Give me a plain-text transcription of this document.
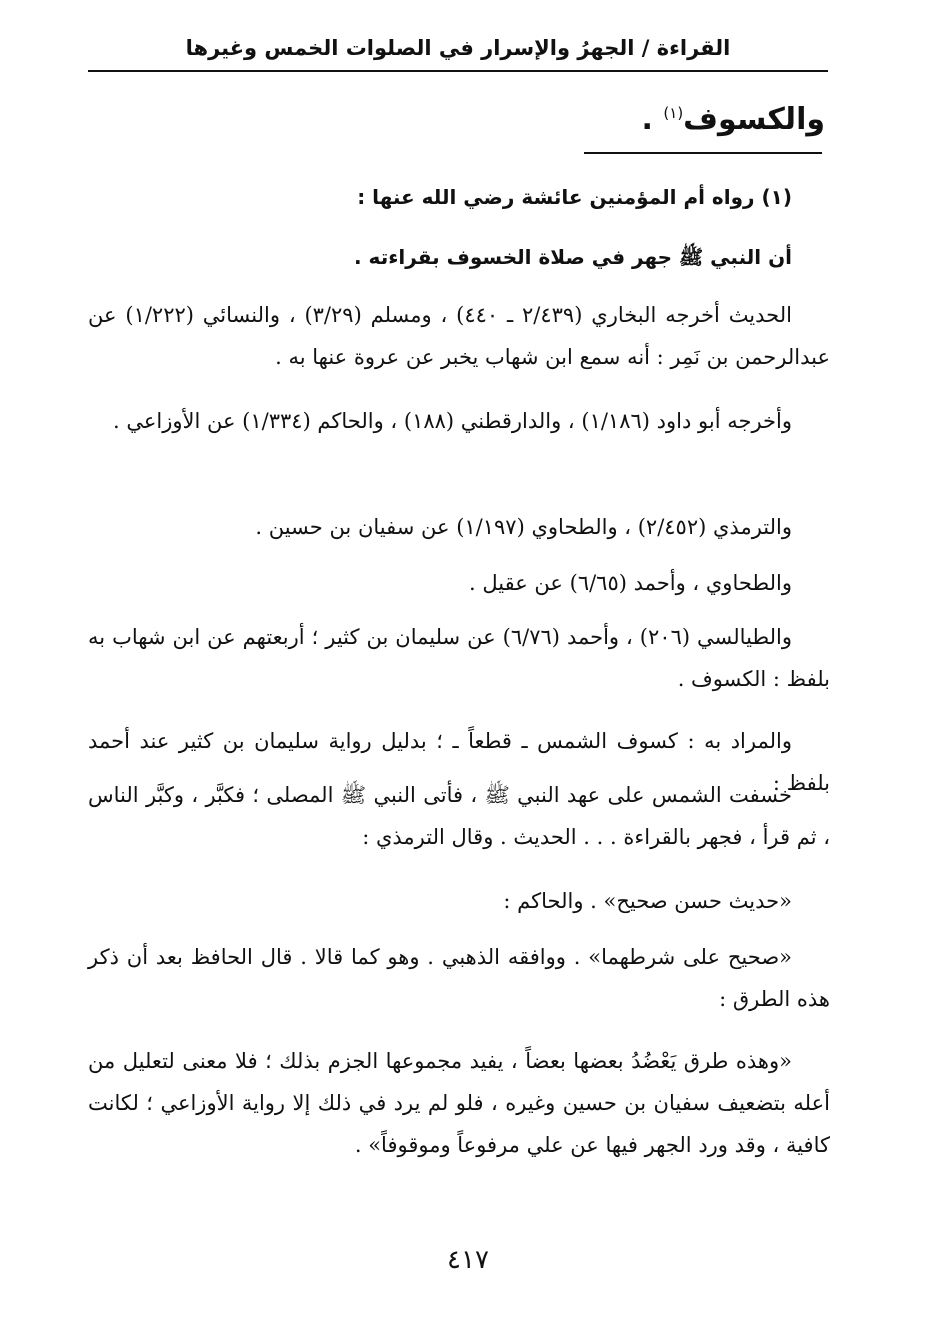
القراءة / الجهرُ والإسرار في الصلوات الخمس وغيرها
والكسوف$^{(١)}$ .
(١) رواه أم المؤمنين عائشة رضي الله عنها :
أن النبي ﷺ جهر في صلاة الخسوف بقراءته .
الحديث أخرجه البخاري (٢/٤٣٩ ـ ٤٤٠) ، ومسلم (٣/٢٩) ، والنسائي (١/٢٢٢) عن عبدالرحمن بن نَمِر : أنه سمع ابن شهاب يخبر عن عروة عنها به .
وأخرجه أبو داود (١/١٨٦) ، والدارقطني (١٨٨) ، والحاكم (١/٣٣٤) عن الأوزاعي .
والترمذي (٢/٤٥٢) ، والطحاوي (١/١٩٧) عن سفيان بن حسين .
والطحاوي ، وأحمد (٦/٦٥) عن عقيل .
والطيالسي (٢٠٦) ، وأحمد (٦/٧٦) عن سليمان بن كثير ؛ أربعتهم عن ابن شهاب به بلفظ : الكسوف .
والمراد به : كسوف الشمس ـ قطعاً ـ ؛ بدليل رواية سليمان بن كثير عند أحمد بلفظ :
خسفت الشمس على عهد النبي ﷺ ، فأتى النبي ﷺ المصلى ؛ فكبَّر ، وكبَّر الناس ، ثم قرأ ، فجهر بالقراءة . . . الحديث . وقال الترمذي :
«حديث حسن صحيح» . والحاكم :
«صحيح على شرطهما» . ووافقه الذهبي . وهو كما قالا . قال الحافظ بعد أن ذكر هذه الطرق :
«وهذه طرق يَعْضُدُ بعضها بعضاً ، يفيد مجموعها الجزم بذلك ؛ فلا معنى لتعليل من أعله بتضعيف سفيان بن حسين وغيره ، فلو لم يرد في ذلك إلا رواية الأوزاعي ؛ لكانت كافية ، وقد ورد الجهر فيها عن علي مرفوعاً وموقوفاً» .
٤١٧
